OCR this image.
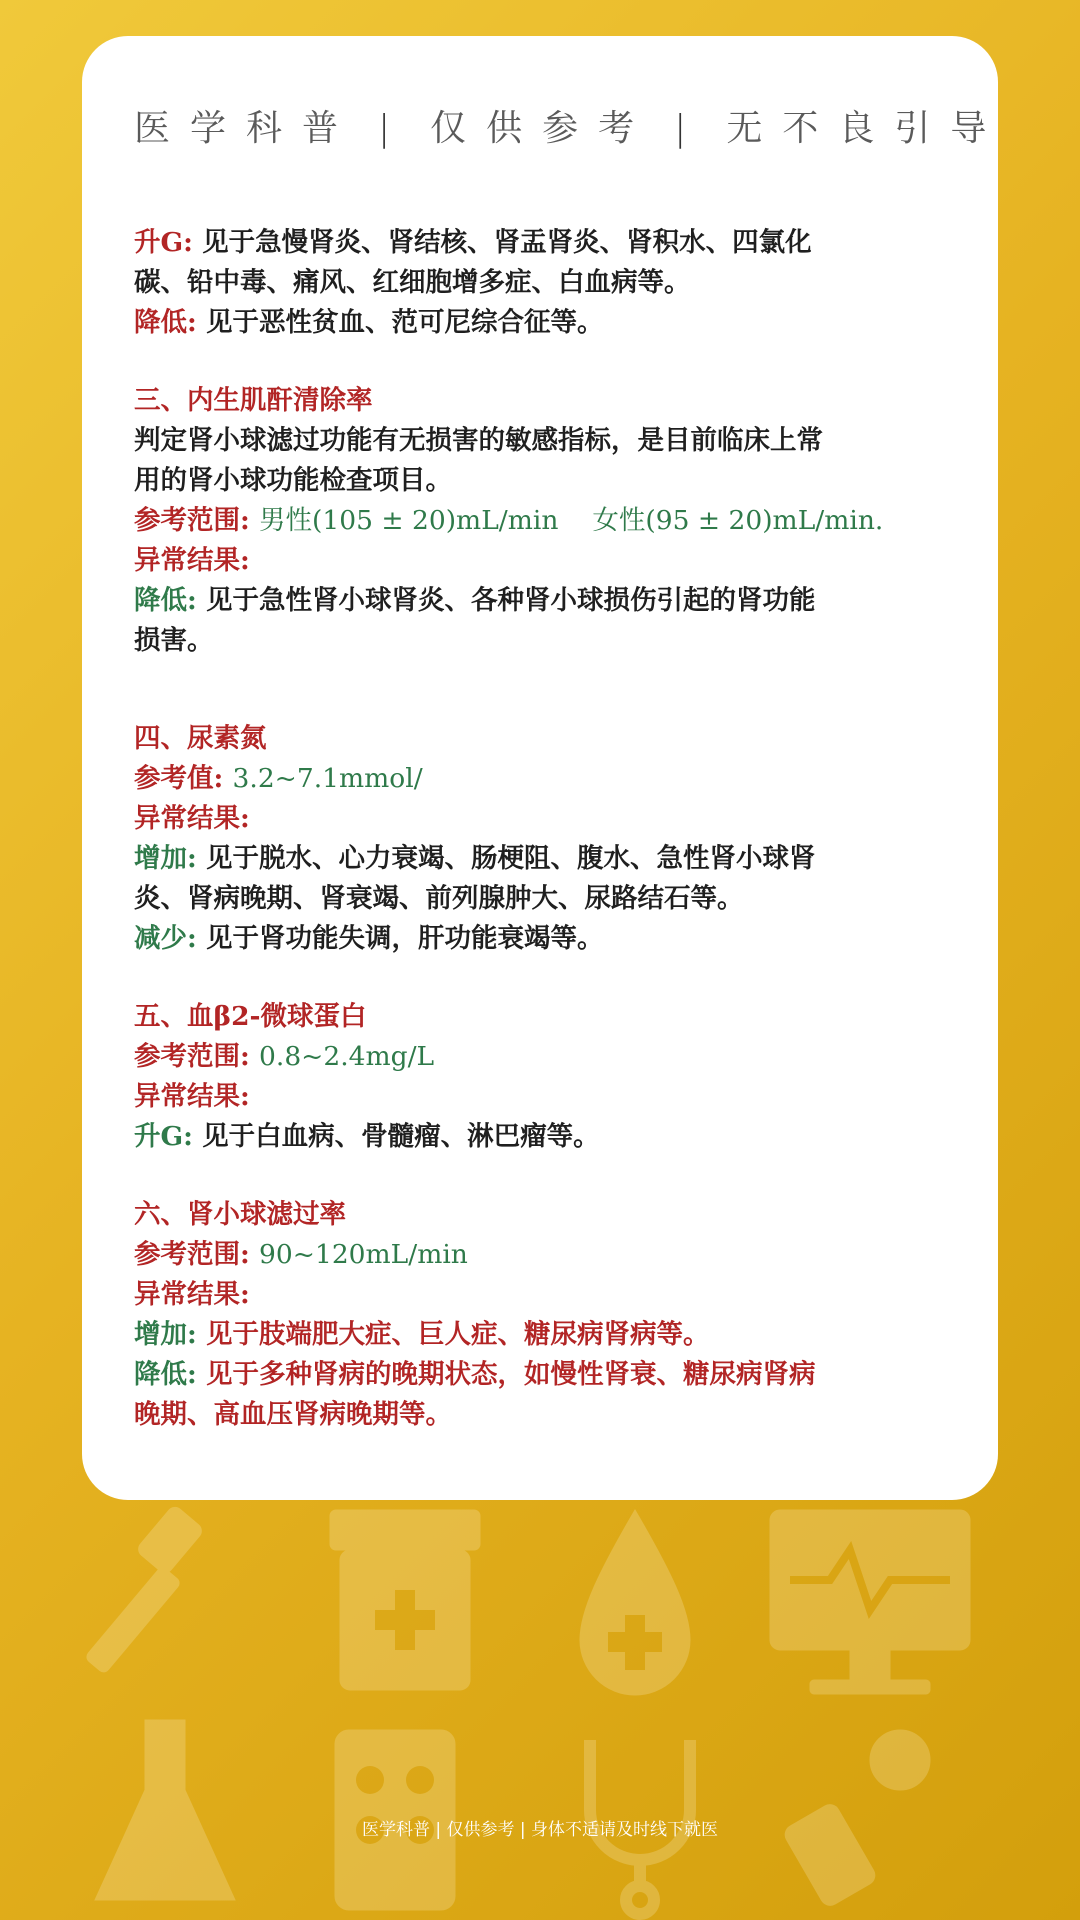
医学科普 | 仅供参考 | 无不良引导
升G: 见于急慢肾炎、肾结核、肾盂肾炎、肾积水、四氯化
碳、铅中毒、痛风、红细胞增多症、白血病等。
降低: 见于恶性贫血、范可尼综合征等。
三、内生肌酐清除率
判定肾小球滤过功能有无损害的敏感指标，是目前临床上常
用的肾小球功能检查项目。
参考范围: 男性(105 ± 20)mL/min 女性(95 ± 20)mL/min.
异常结果:
降低: 见于急性肾小球肾炎、各种肾小球损伤引起的肾功能
损害。
四、尿素氮
参考值: 3.2~7.1mmol/
异常结果:
增加: 见于脱水、心力衰竭、肠梗阻、腹水、急性肾小球肾
炎、肾病晚期、肾衰竭、前列腺肿大、尿路结石等。
减少: 见于肾功能失调，肝功能衰竭等。
五、血β2-微球蛋白
参考范围: 0.8~2.4mg/L
异常结果:
升G: 见于白血病、骨髓瘤、淋巴瘤等。
六、肾小球滤过率
参考范围: 90~120mL/min
异常结果:
增加: 见于肢端肥大症、巨人症、糖尿病肾病等。
降低: 见于多种肾病的晚期状态，如慢性肾衰、糖尿病肾病
晚期、高血压肾病晚期等。
医学科普 | 仅供参考 | 身体不适请及时线下就医
